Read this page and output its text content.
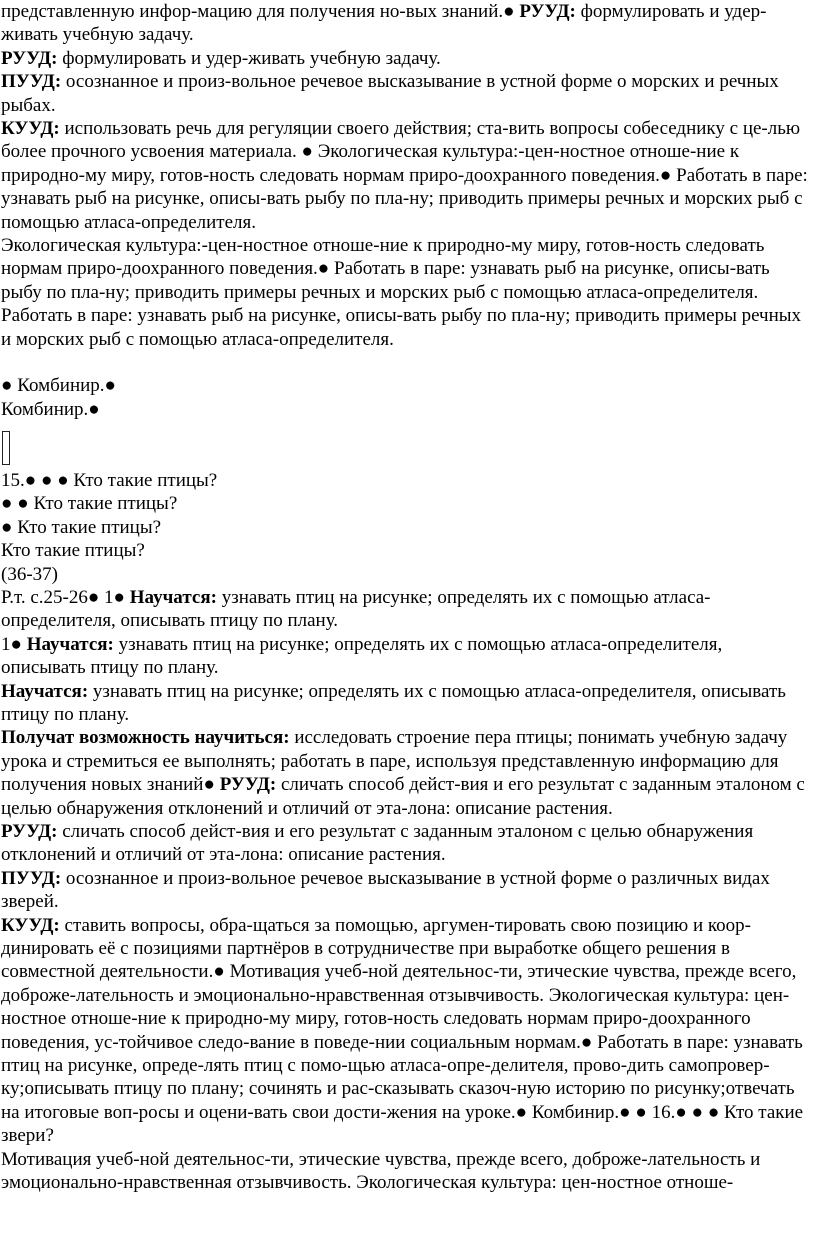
представленную инфор-мацию для получения но-вых знаний.● РУУД: формулировать и удер-живать учебную задачу.

РУУД: формулировать и удер-живать учебную задачу.

ПУУД: осознанное и произ-вольное речевое высказывание в устной форме о морских и речных рыбах.

КУУД: использовать речь для регуляции своего действия; ста-вить вопросы собеседнику с це-лью более прочного усвоения материала. ● Экологическая культура:-цен-ностное отноше-ние к природно-му миру, готов-ность следовать нормам приро-доохранного поведения.● Работать в паре: узнавать рыб на рисунке, описы-вать рыбу по пла-ну; приводить примеры речных и морских рыб с помощью атласа-определителя.

Экологическая культура:-цен-ностное отноше-ние к природно-му миру, готов-ность следовать нормам приро-доохранного поведения.● Работать в паре: узнавать рыб на рисунке, описы-вать рыбу по пла-ну; приводить примеры речных и морских рыб с помощью атласа-определителя.

Работать в паре: узнавать рыб на рисунке, описы-вать рыбу по пла-ну; приводить примеры речных и морских рыб с помощью атласа-определителя.

● Комбинир.●

Комбинир.●

15.● ● ● Кто такие птицы?

● ● Кто такие птицы?

● Кто такие птицы?

Кто такие птицы?

(36-37)

Р.т. с.25-26● 1● Научатся: узнавать птиц на рисунке; определять их с помощью атласа-определителя, описывать птицу по плану.

1● Научатся: узнавать птиц на рисунке; определять их с помощью атласа-определителя, описывать птицу по плану.

Научатся: узнавать птиц на рисунке; определять их с помощью атласа-определителя, описывать птицу по плану.

Получат возможность научиться: исследовать строение пера птицы; понимать учебную задачу урока и стремиться ее выполнять; работать в паре, используя представленную информацию для получения новых знаний● РУУД: сличать способ дейст-вия и его результат с заданным эталоном с целью обнаружения отклонений и отличий от эта-лона: описание растения.

РУУД: сличать способ дейст-вия и его результат с заданным эталоном с целью обнаружения отклонений и отличий от эта-лона: описание растения.

ПУУД: осознанное и произ-вольное речевое высказывание в устной форме о различных видах зверей.

КУУД: ставить вопросы, обра-щаться за помощью, аргумен-тировать свою позицию и коор-динировать её с позициями партнёров в сотрудничестве при выработке общего решения в совместной деятельности.● Мотивация учеб-ной деятельнос-ти, этические чувства, прежде всего, доброже-лательность и эмоционально-нравственная отзывчивость. Экологическая культура: цен-ностное отноше-ние к природно-му миру, готов-ность следовать нормам приро-доохранного поведения, ус-тойчивое следо-вание в поведе-нии социальным нормам.● Работать в паре: узнавать птиц на рисунке, опреде-лять птиц с помо-щью атласа-опре-делителя, прово-дить самопровер-ку;описывать птицу по плану; сочинять и рас-сказывать сказоч-ную историю по рисунку;отвечать на итоговые воп-росы и оцени-вать свои дости-жения на уроке.● Комбинир.● ● 16.● ● ● Кто такие звери?

Мотивация учеб-ной деятельнос-ти, этические чувства, прежде всего, доброже-лательность и эмоционально-нравственная отзывчивость. Экологическая культура: цен-ностное отноше-
